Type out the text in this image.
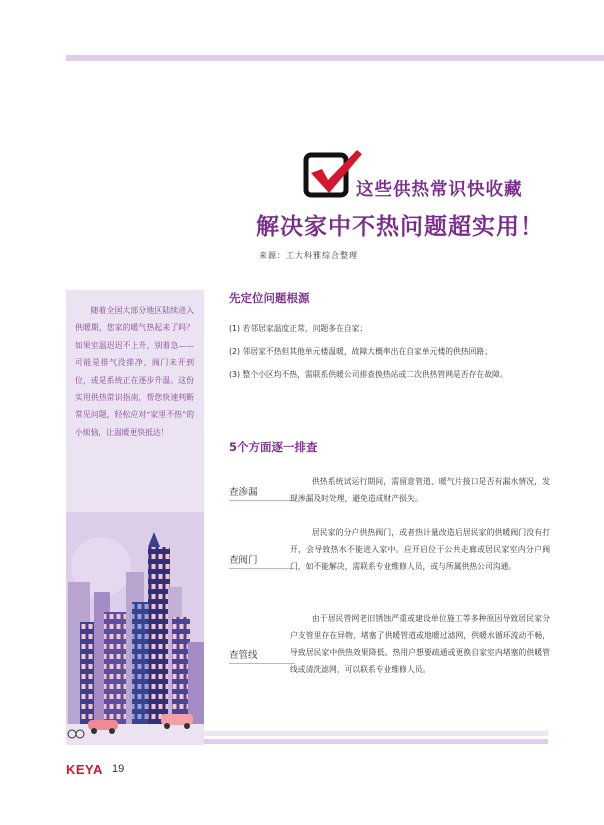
这些供热常识快收藏
解决家中不热问题超实用！
来源：工大科雅综合整理

随着全国大部分地区陆续进入供暖期，您家的暖气热起来了吗？如果室温迟迟不上升，别着急——可能是排气没排净、阀门未开到位，或是系统正在逐步升温。这份实用供热常识指南，帮您快速判断常见问题，轻松应对“家里不热”的小烦恼，让温暖更快抵达！

先定位问题根源
(1) 若邻居家温度正常，问题多在自家；
(2) 邻居家不热但其他单元楼温暖，故障大概率出在自家单元楼的供热回路；
(3) 整个小区均不热，需联系供暖公司排查换热站或二次供热管网是否存在故障。
5个方面逐一排查
查渗漏
供热系统试运行期间，需留意管道、暖气片接口是否有漏水情况，发现渗漏及时处理，避免造成财产损失。
查阀门
居民家的分户供热阀门，或者热计量改造后居民家的供暖阀门没有打开，会导致热水不能进入家中。应开启位于公共走廊或居民家室内分户阀门，如不能解决，需联系专业维修人员，或与所属供热公司沟通。
查管线
由于居民管网老旧锈蚀严重或建设单位施工等多种原因导致居民家分户支管里存在异物，堵塞了供暖管道或地暖过滤网，供暖水循环流动不畅，导致居民家中供热效果降低。热用户想要疏通或更换自家室内堵塞的供暖管线或清洗滤网，可以联系专业维修人员。
KEYA 19
